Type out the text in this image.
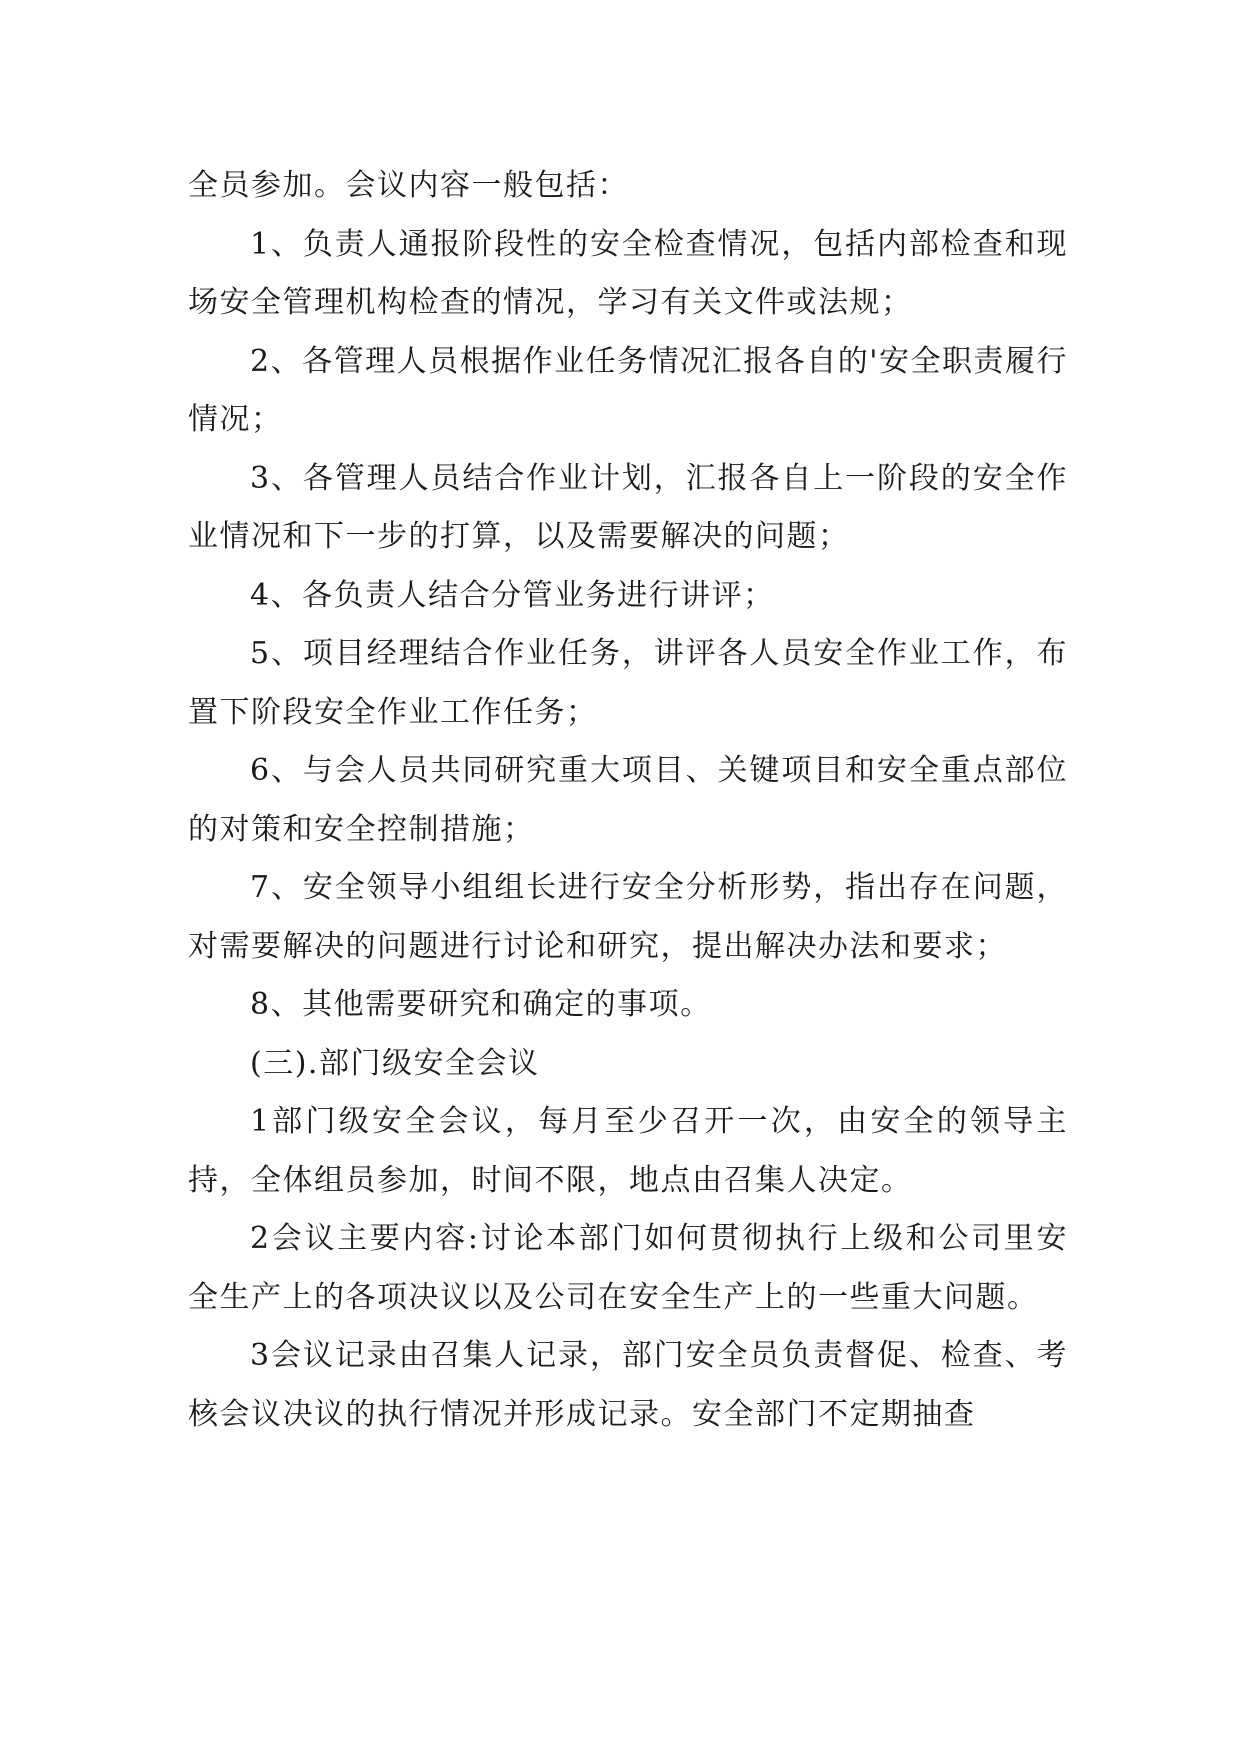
全员参加。会议内容一般包括：

1、负责人通报阶段性的安全检查情况，包括内部检查和现场安全管理机构检查的情况，学习有关文件或法规；

2、各管理人员根据作业任务情况汇报各自的'安全职责履行情况；

3、各管理人员结合作业计划，汇报各自上一阶段的安全作业情况和下一步的打算，以及需要解决的问题；

4、各负责人结合分管业务进行讲评；

5、项目经理结合作业任务，讲评各人员安全作业工作，布置下阶段安全作业工作任务；

6、与会人员共同研究重大项目、关键项目和安全重点部位的对策和安全控制措施；

7、安全领导小组组长进行安全分析形势，指出存在问题，对需要解决的问题进行讨论和研究，提出解决办法和要求；

8、其他需要研究和确定的事项。

(三).部门级安全会议

1部门级安全会议，每月至少召开一次，由安全的领导主持，全体组员参加，时间不限，地点由召集人决定。

2会议主要内容:讨论本部门如何贯彻执行上级和公司里安全生产上的各项决议以及公司在安全生产上的一些重大问题。

3会议记录由召集人记录，部门安全员负责督促、检查、考核会议决议的执行情况并形成记录。安全部门不定期抽查
